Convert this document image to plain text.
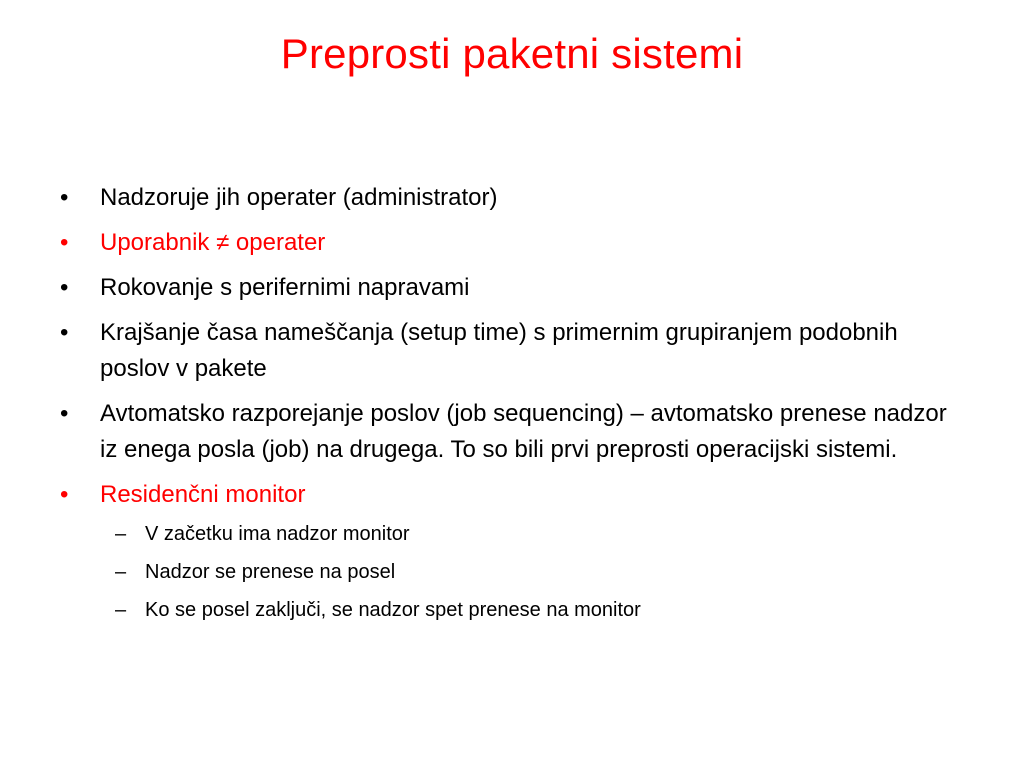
Preprosti paketni sistemi
•	Nadzoruje jih operater (administrator)
•	Uporabnik ≠ operater
•	Rokovanje s perifernimi napravami
•	Krajšanje časa nameščanja (setup time) s primernim grupiranjem podobnih poslov v pakete
•	Avtomatsko razporejanje poslov (job sequencing) – avtomatsko prenese nadzor iz enega posla (job) na drugega. To so bili prvi preprosti operacijski sistemi.
•	Residenčni monitor
– V začetku ima nadzor monitor
– Nadzor se prenese na posel
– Ko se posel zaključi, se nadzor spet prenese na monitor
